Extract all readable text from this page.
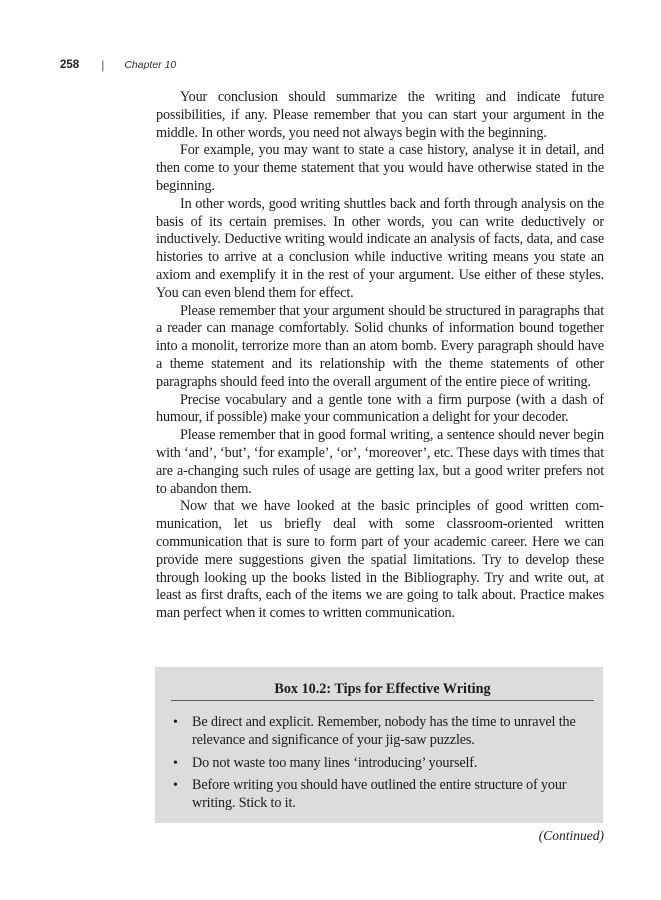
258 | Chapter 10

Your conclusion should summarize the writing and indicate future possibilities, if any. Please remember that you can start your argument in the middle. In other words, you need not always begin with the beginning.

For example, you may want to state a case history, analyse it in detail, and then come to your theme statement that you would have otherwise stated in the beginning.

In other words, good writing shuttles back and forth through analysis on the basis of its certain premises. In other words, you can write deductively or inductively. Deductive writing would indicate an analysis of facts, data, and case histories to arrive at a conclusion while inductive writing means you state an axiom and exemplify it in the rest of your argument. Use either of these styles. You can even blend them for effect.

Please remember that your argument should be structured in paragraphs that a reader can manage comfortably. Solid chunks of information bound together into a monolit, terrorize more than an atom bomb. Every paragraph should have a theme statement and its relationship with the theme statements of other paragraphs should feed into the overall argument of the entire piece of writing.

Precise vocabulary and a gentle tone with a firm purpose (with a dash of humour, if possible) make your communication a delight for your decoder.

Please remember that in good formal writing, a sentence should never begin with ‘and’, ‘but’, ‘for example’, ‘or’, ‘moreover’, etc. These days with times that are a-changing such rules of usage are getting lax, but a good writer prefers not to abandon them.

Now that we have looked at the basic principles of good written communication, let us briefly deal with some classroom-oriented written communication that is sure to form part of your academic career. Here we can provide mere suggestions given the spatial limitations. Try to develop these through looking up the books listed in the Bibliography. Try and write out, at least as first drafts, each of the items we are going to talk about. Practice makes man perfect when it comes to written communication.

Box 10.2: Tips for Effective Writing
• Be direct and explicit. Remember, nobody has the time to unravel the relevance and significance of your jig-saw puzzles.
• Do not waste too many lines ‘introducing’ yourself.
• Before writing you should have outlined the entire structure of your writing. Stick to it.
(Continued)
